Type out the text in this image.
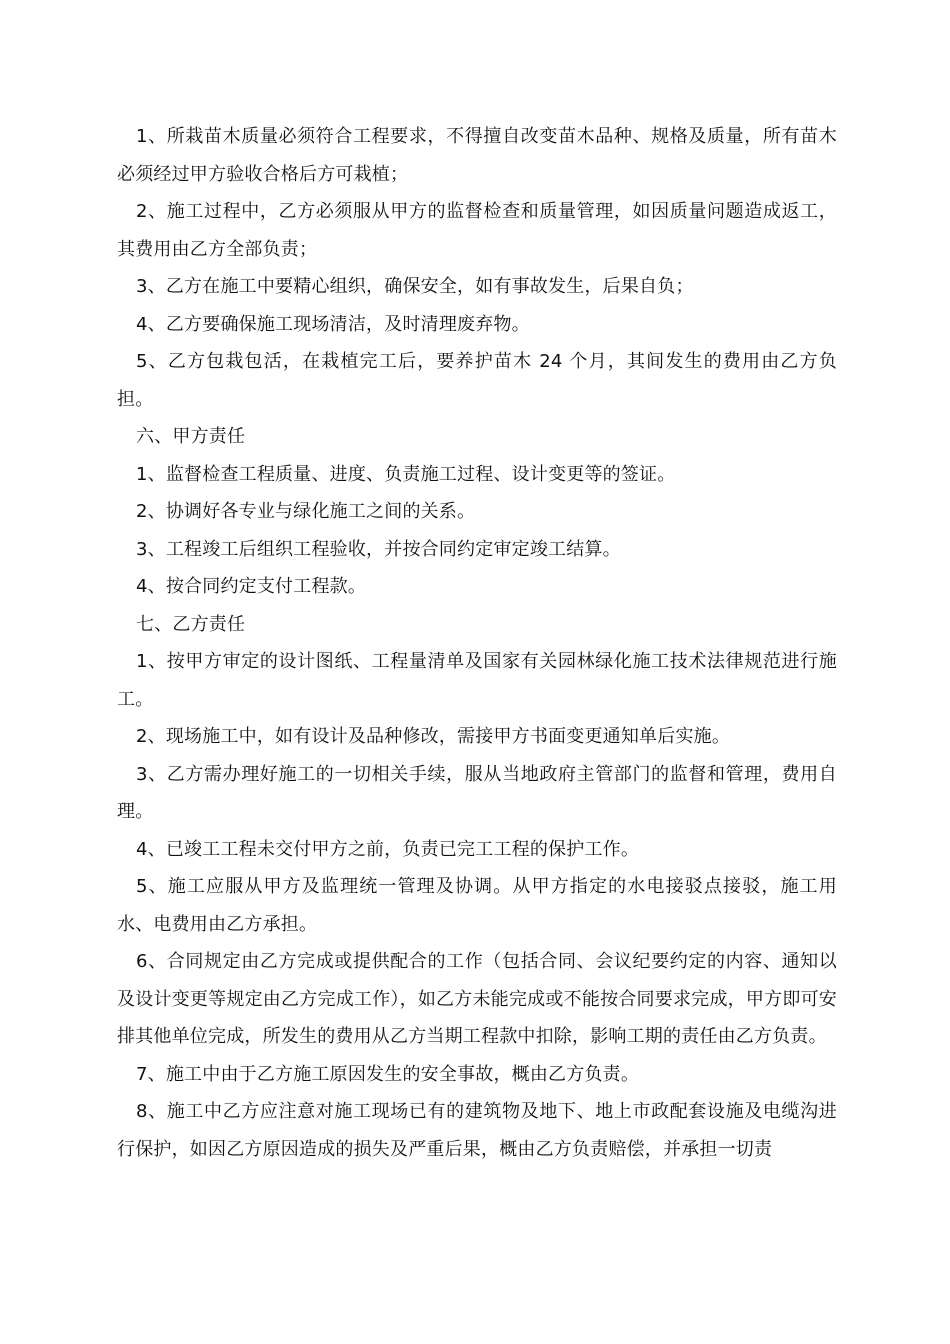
1、所栽苗木质量必须符合工程要求，不得擅自改变苗木品种、规格及质量，所有苗木必须经过甲方验收合格后方可栽植；

2、施工过程中，乙方必须服从甲方的监督检查和质量管理，如因质量问题造成返工，其费用由乙方全部负责；

3、乙方在施工中要精心组织，确保安全，如有事故发生，后果自负；

4、乙方要确保施工现场清洁，及时清理废弃物。

5、乙方包栽包活，在栽植完工后，要养护苗木 24 个月，其间发生的费用由乙方负担。

六、甲方责任

1、监督检查工程质量、进度、负责施工过程、设计变更等的签证。

2、协调好各专业与绿化施工之间的关系。

3、工程竣工后组织工程验收，并按合同约定审定竣工结算。

4、按合同约定支付工程款。

七、乙方责任

1、按甲方审定的设计图纸、工程量清单及国家有关园林绿化施工技术法律规范进行施工。

2、现场施工中，如有设计及品种修改，需接甲方书面变更通知单后实施。

3、乙方需办理好施工的一切相关手续，服从当地政府主管部门的监督和管理，费用自理。

4、已竣工工程未交付甲方之前，负责已完工工程的保护工作。

5、施工应服从甲方及监理统一管理及协调。从甲方指定的水电接驳点接驳，施工用水、电费用由乙方承担。

6、合同规定由乙方完成或提供配合的工作（包括合同、会议纪要约定的内容、通知以及设计变更等规定由乙方完成工作），如乙方未能完成或不能按合同要求完成，甲方即可安排其他单位完成，所发生的费用从乙方当期工程款中扣除，影响工期的责任由乙方负责。

7、施工中由于乙方施工原因发生的安全事故，概由乙方负责。

8、施工中乙方应注意对施工现场已有的建筑物及地下、地上市政配套设施及电缆沟进行保护，如因乙方原因造成的损失及严重后果，概由乙方负责赔偿，并承担一切责
